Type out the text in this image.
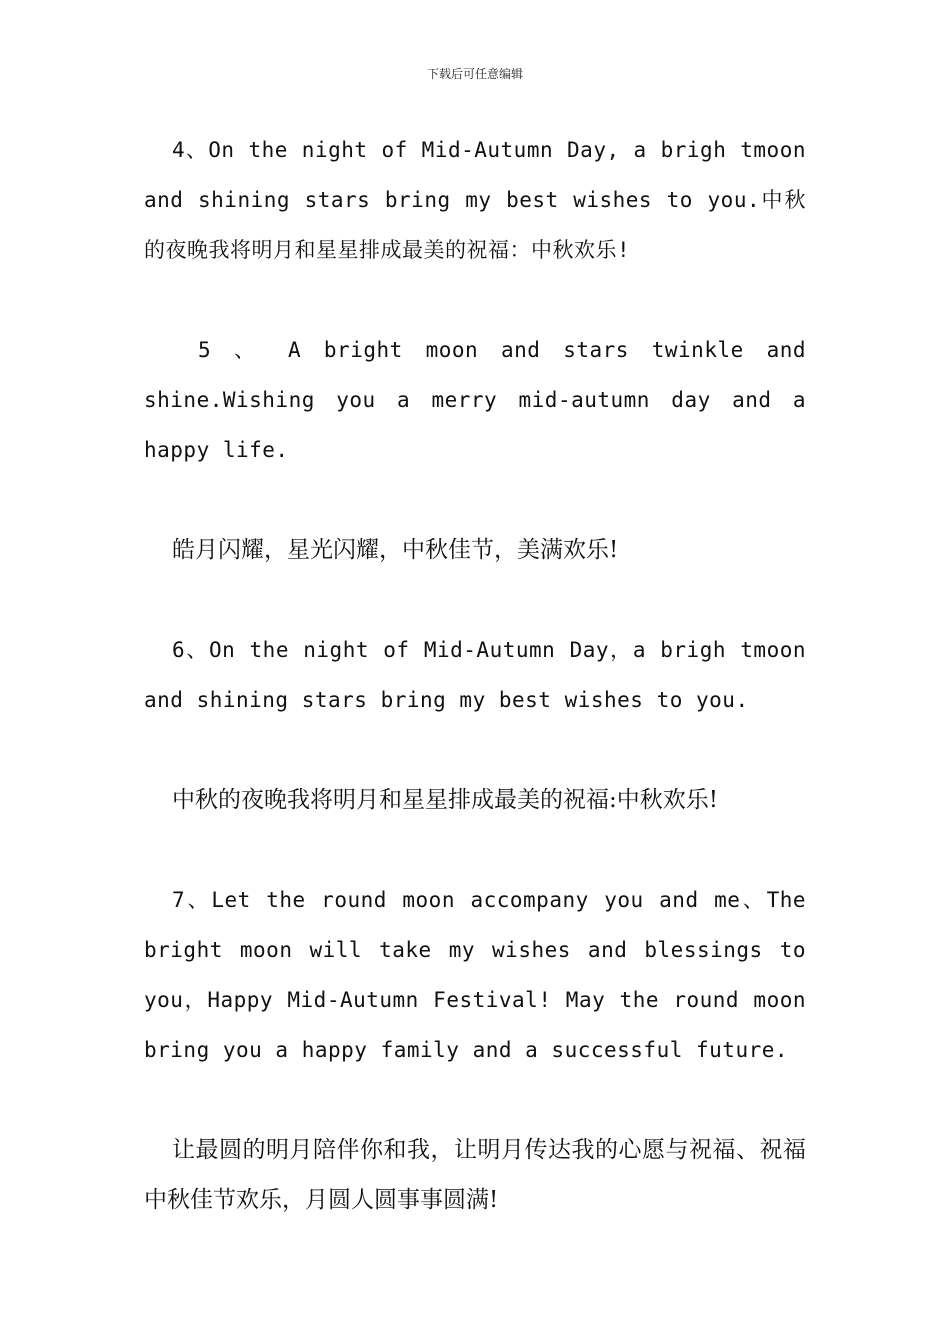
下载后可任意编辑

4、On the night of Mid-Autumn Day, a brigh tmoon and shining stars bring my best wishes to you.中秋的夜晚我将明月和星星排成最美的祝福：中秋欢乐!

5 、 A bright moon and stars twinkle and shine.Wishing you a merry mid-autumn day and a happy life.

皓月闪耀，星光闪耀，中秋佳节，美满欢乐!

6、On the night of Mid-Autumn Day，a brigh tmoon and shining stars bring my best wishes to you.

中秋的夜晚我将明月和星星排成最美的祝福:中秋欢乐!

7、Let the round moon accompany you and me、The bright moon will take my wishes and blessings to you，Happy Mid-Autumn Festival! May the round moon bring you a happy family and a successful future.

让最圆的明月陪伴你和我，让明月传达我的心愿与祝福、祝福中秋佳节欢乐，月圆人圆事事圆满!
